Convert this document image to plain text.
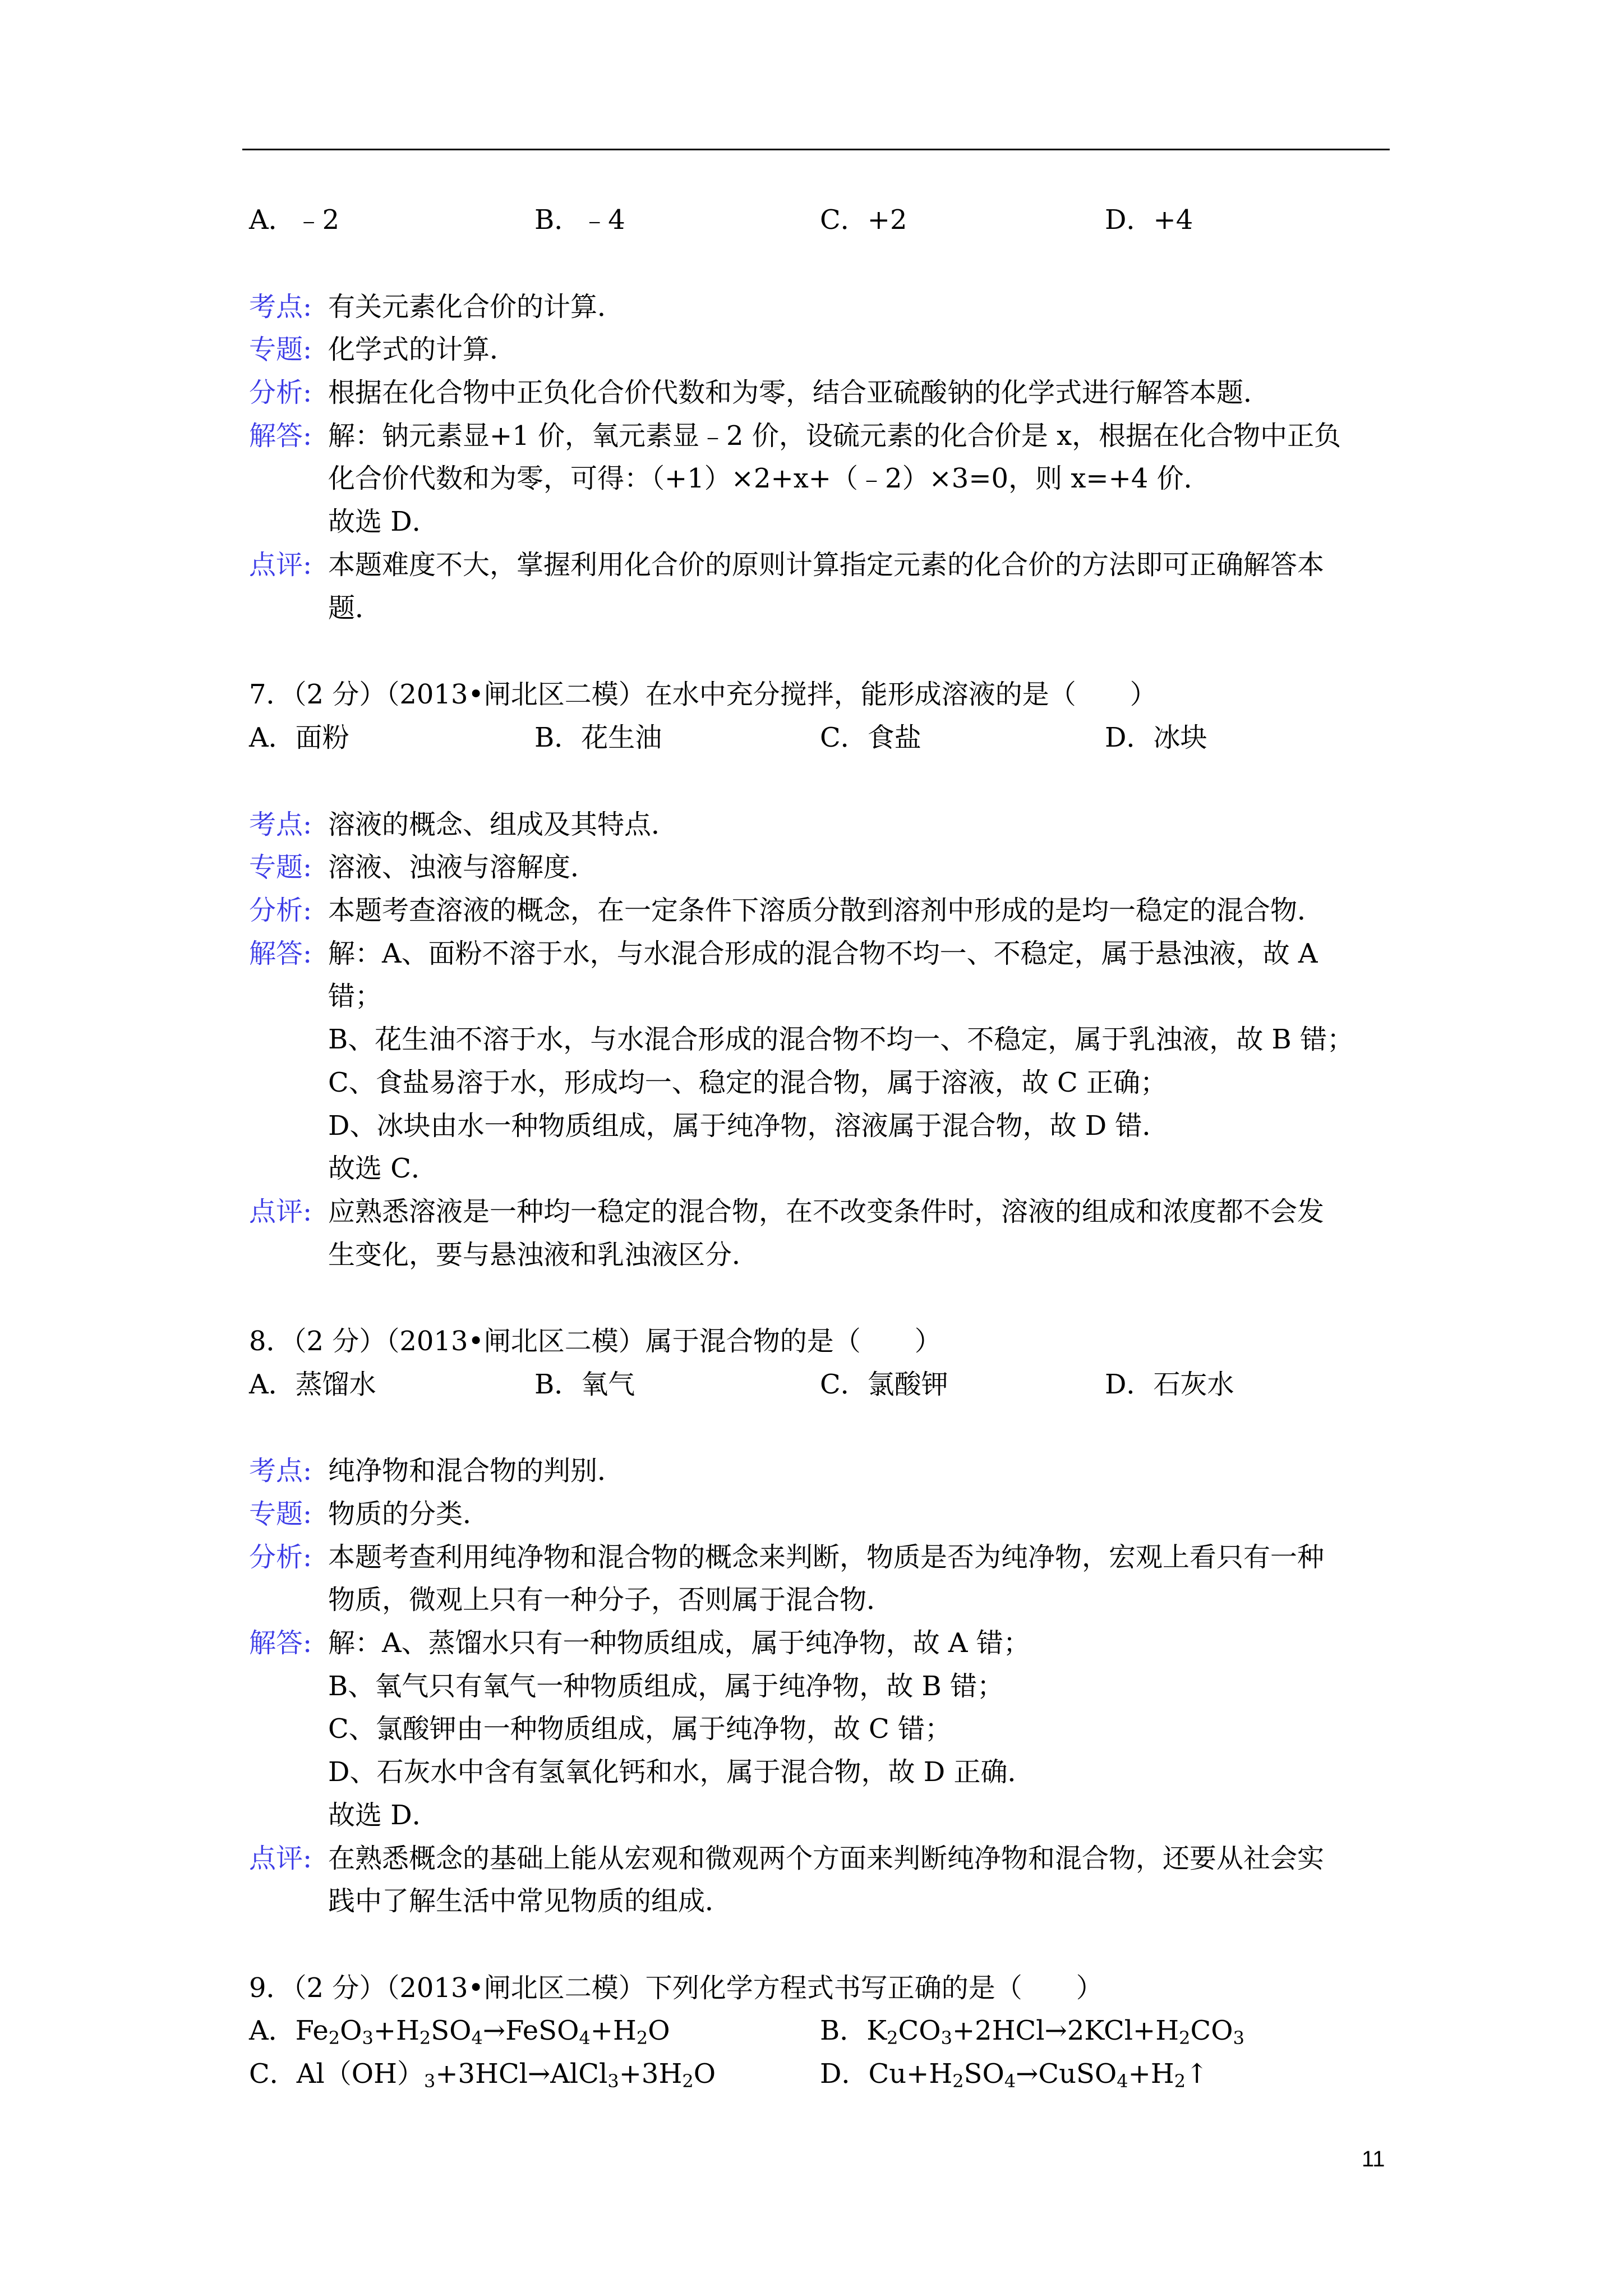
A．﹣2	B．﹣4	C．+2	D．+4
考点: 有关元素化合价的计算．
专题: 化学式的计算．
分析: 根据在化合物中正负化合价代数和为零，结合亚硫酸钠的化学式进行解答本题．
解答: 解：钠元素显+1 价，氧元素显﹣2 价，设硫元素的化合价是 x，根据在化合物中正负
化合价代数和为零，可得：（+1）×2+x+（﹣2）×3=0，则 x=+4 价．
故选 D．
点评: 本题难度不大，掌握利用化合价的原则计算指定元素的化合价的方法即可正确解答本
题．
7．（2 分）（2013•闸北区二模）在水中充分搅拌，能形成溶液的是（　　）
A．面粉	B．花生油	C．食盐	D．冰块
考点: 溶液的概念、组成及其特点．
专题: 溶液、浊液与溶解度．
分析: 本题考查溶液的概念，在一定条件下溶质分散到溶剂中形成的是均一稳定的混合物．
解答: 解：A、面粉不溶于水，与水混合形成的混合物不均一、不稳定，属于悬浊液，故 A
错；
B、花生油不溶于水，与水混合形成的混合物不均一、不稳定，属于乳浊液，故 B 错；
C、食盐易溶于水，形成均一、稳定的混合物，属于溶液，故 C 正确；
D、冰块由水一种物质组成，属于纯净物，溶液属于混合物，故 D 错．
故选 C．
点评: 应熟悉溶液是一种均一稳定的混合物，在不改变条件时，溶液的组成和浓度都不会发
生变化，要与悬浊液和乳浊液区分．
8．（2 分）（2013•闸北区二模）属于混合物的是（　　）
A．蒸馏水	B．氧气	C．氯酸钾	D．石灰水
考点: 纯净物和混合物的判别．
专题: 物质的分类．
分析: 本题考查利用纯净物和混合物的概念来判断，物质是否为纯净物，宏观上看只有一种
物质，微观上只有一种分子，否则属于混合物．
解答: 解：A、蒸馏水只有一种物质组成，属于纯净物，故 A 错；
B、氧气只有氧气一种物质组成，属于纯净物，故 B 错；
C、氯酸钾由一种物质组成，属于纯净物，故 C 错；
D、石灰水中含有氢氧化钙和水，属于混合物，故 D 正确．
故选 D．
点评: 在熟悉概念的基础上能从宏观和微观两个方面来判断纯净物和混合物，还要从社会实
践中了解生活中常见物质的组成．
9．（2 分）（2013•闸北区二模）下列化学方程式书写正确的是（　　）
A．$Fe_2O_3+H_2SO_4\to FeSO_4+H_2O$	B．$K_2CO_3+2HCl\to 2KCl+H_2CO_3$
C．$Al(OH)_3+3HCl\to AlCl_3+3H_2O$	D．$Cu+H_2SO_4\to CuSO_4+H_2↑$
11
